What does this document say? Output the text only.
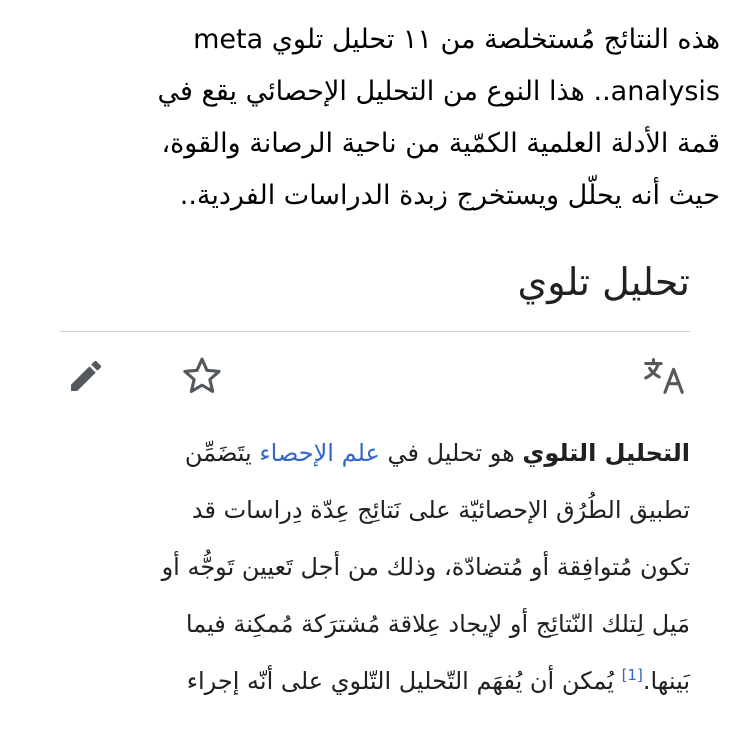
هذه النتائج مُستخلصة من ١١ تحليل تلوي meta
analysis.. هذا النوع من التحليل الإحصائي يقع في
قمة الأدلة العلمية الكمّية من ناحية الرصانة والقوة،
حيث أنه يحلّل ويستخرج زبدة الدراسات الفردية..
تحليل تلوي
التحليل التلوي هو تحليل في علم الإحصاء يتَضَمِّن
تطبيق الطُرُق الإحصائيّة على نَتائِج عِدّة دِراسات قد
تكون مُتوافِقة أو مُتضادّة، وذلك من أجل تَعيين تَوجُّه أو
مَيل لِتلك النّتائِج أو لإيجاد عِلاقة مُشترَكة مُمكِنة فيما
بَينها.[1] يُمكن أن يُفهَم التّحليل التّلوي على أنّه إجراء
